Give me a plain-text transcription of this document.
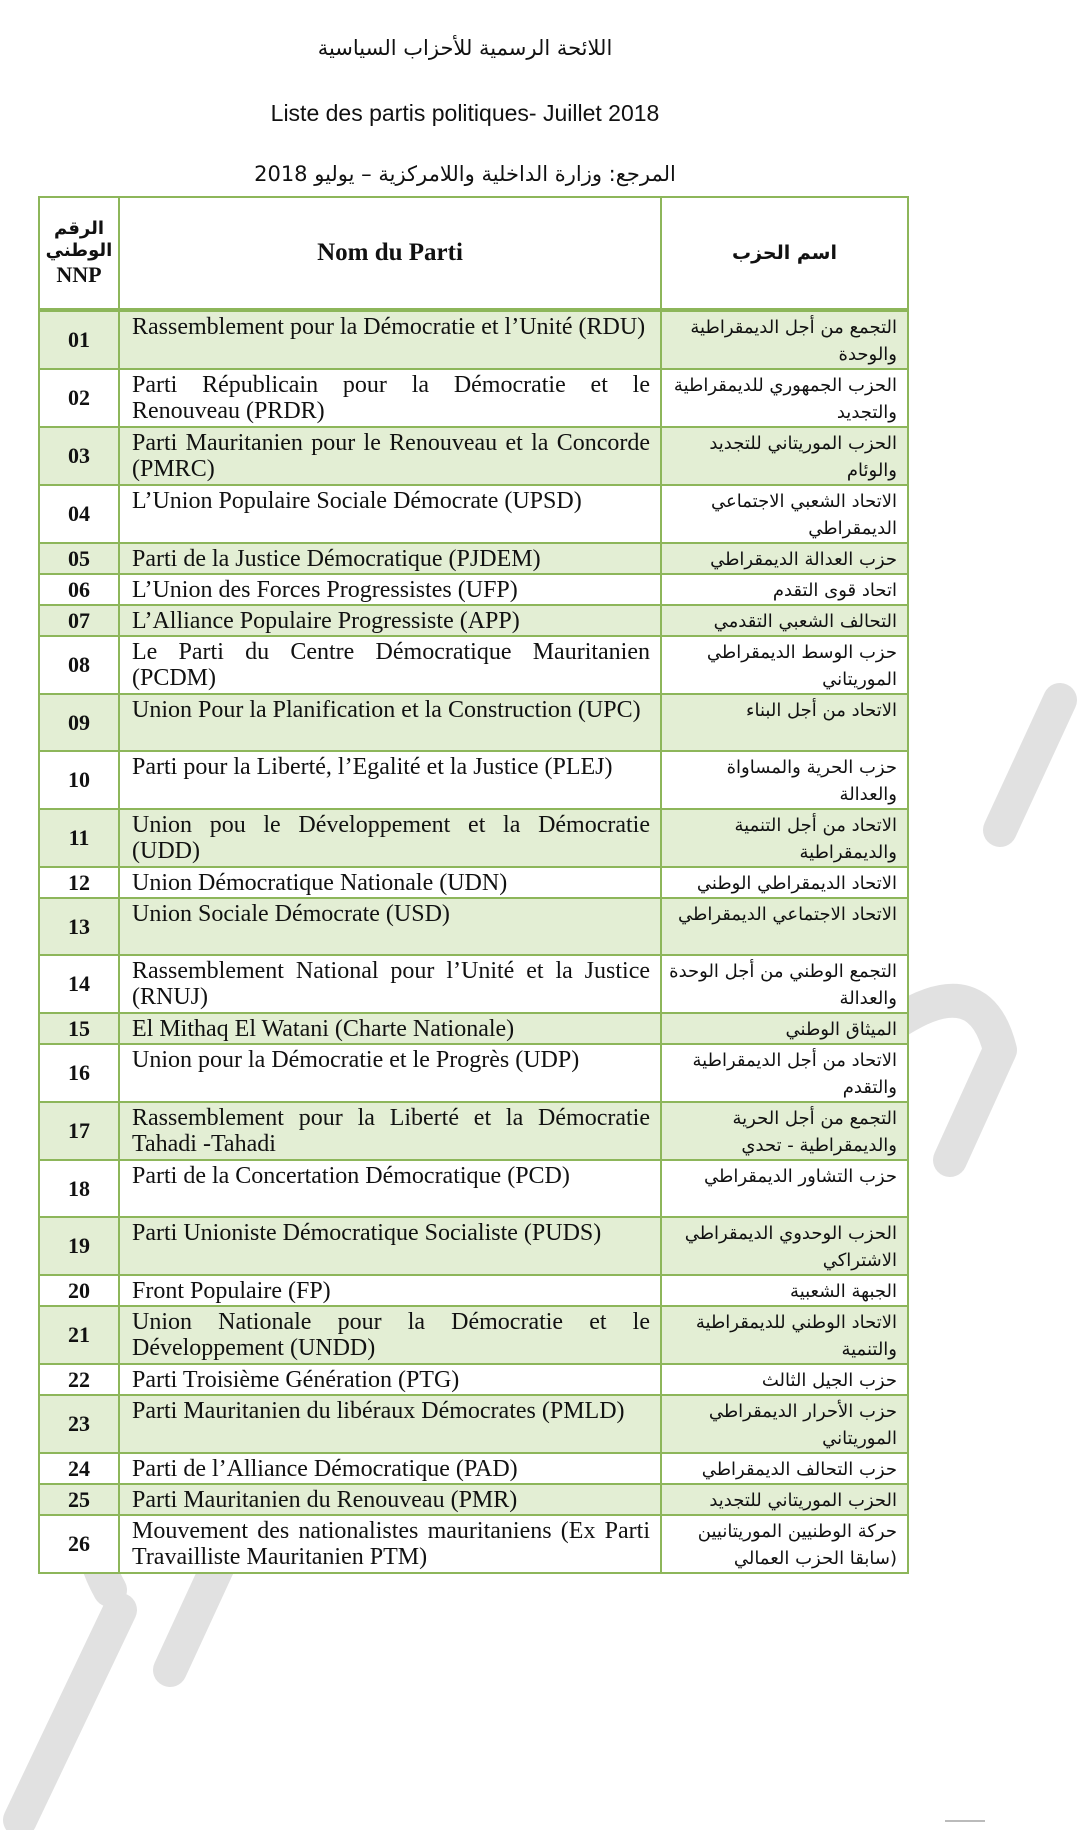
اللائحة الرسمية للأحزاب السياسية
Liste des partis politiques- Juillet 2018
المرجع: وزارة الداخلية واللامركزية – يوليو 2018
الرقم
الوطني
NNP	Nom du Parti	اسم الحزب
01	Rassemblement pour la Démocratie et l’Unité (RDU)	التجمع من أجل الديمقراطية والوحدة
02	Parti Républicain pour la Démocratie et le Renouveau (PRDR)	الحزب الجمهوري للديمقراطية والتجديد
03	Parti Mauritanien pour le Renouveau et la Concorde (PMRC)	الحزب الموريتاني للتجديد والوئام
04	L’Union Populaire Sociale Démocrate (UPSD)	الاتحاد الشعبي الاجتماعي الديمقراطي
05	Parti de la Justice Démocratique (PJDEM)	حزب العدالة الديمقراطي
06	L’Union des Forces Progressistes (UFP)	اتحاد قوى التقدم
07	L’Alliance Populaire Progressiste (APP)	التحالف الشعبي التقدمي
08	Le Parti du Centre Démocratique Mauritanien (PCDM)	حزب الوسط الديمقراطي الموريتاني
09	Union Pour la Planification et la Construction (UPC)	الاتحاد من أجل البناء
10	Parti pour la Liberté, l’Egalité et la Justice (PLEJ)	حزب الحرية والمساواة والعدالة
11	Union pou le Développement et la Démocratie (UDD)	الاتحاد من أجل التنمية والديمقراطية
12	Union Démocratique Nationale (UDN)	الاتحاد الديمقراطي الوطني
13	Union Sociale Démocrate (USD)	الاتحاد الاجتماعي الديمقراطي
14	Rassemblement National pour l’Unité et la Justice (RNUJ)	التجمع الوطني من أجل الوحدة والعدالة
15	El Mithaq El Watani (Charte Nationale)	الميثاق الوطني
16	Union pour la Démocratie et le Progrès (UDP)	الاتحاد من أجل الديمقراطية والتقدم
17	Rassemblement pour la Liberté et la Démocratie Tahadi -Tahadi	التجمع من أجل الحرية والديمقراطية - تحدي
18	Parti de la Concertation Démocratique (PCD)	حزب التشاور الديمقراطي
19	Parti Unioniste Démocratique Socialiste (PUDS)	الحزب الوحدوي الديمقراطي الاشتراكي
20	Front Populaire (FP)	الجبهة الشعبية
21	Union Nationale pour la Démocratie et le Développement (UNDD)	الاتحاد الوطني للديمقراطية والتنمية
22	Parti Troisième Génération (PTG)	حزب الجيل الثالث
23	Parti Mauritanien du libéraux Démocrates (PMLD)	حزب الأحرار الديمقراطي الموريتاني
24	Parti de l’Alliance Démocratique (PAD)	حزب التحالف الديمقراطي
25	Parti Mauritanien du Renouveau (PMR)	الحزب الموريتاني للتجديد
26	Mouvement des nationalistes mauritaniens (Ex Parti Travailliste Mauritanien PTM)	حركة الوطنيين الموريتانيين (سابقا الحزب العمالي
